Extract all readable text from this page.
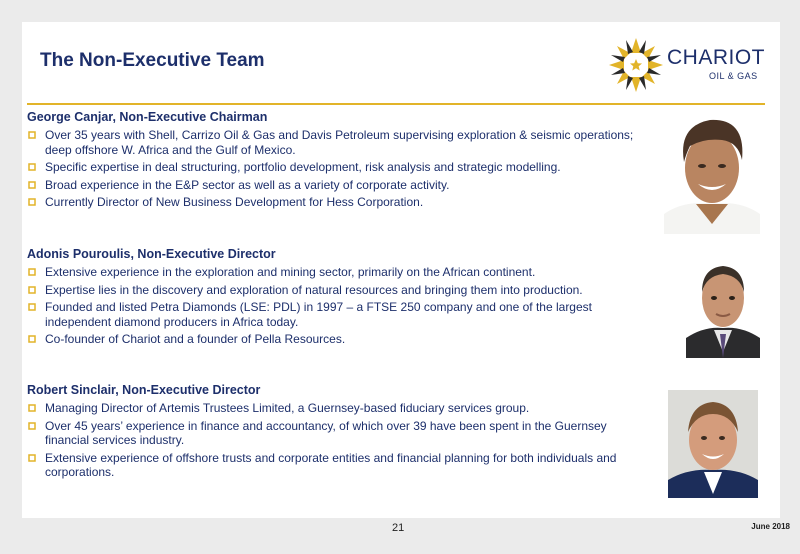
The Non-Executive Team	CHARIOT
OIL & GAS
George Canjar, Non-Executive Chairman
Over 35 years with Shell, Carrizo Oil & Gas and Davis Petroleum supervising exploration & seismic operations; deep offshore W. Africa and the Gulf of Mexico.
Specific expertise in deal structuring, portfolio development, risk analysis and strategic modelling.
Broad experience in the E&P sector as well as a variety of corporate activity.
Currently Director of New Business Development for Hess Corporation.
Adonis Pouroulis, Non-Executive Director
Extensive experience in the exploration and mining sector, primarily on the African continent.
Expertise lies in the discovery and exploration of natural resources and bringing them into production.
Founded and listed Petra Diamonds (LSE: PDL) in 1997 – a FTSE 250 company and one of the largest independent diamond producers in Africa today.
Co-founder of Chariot and a founder of Pella Resources.
Robert Sinclair, Non-Executive Director
Managing Director of Artemis Trustees Limited, a Guernsey-based fiduciary services group.
Over 45 years’ experience in finance and accountancy, of which over 39 have been spent in the Guernsey financial services industry.
Extensive experience of offshore trusts and corporate entities and financial planning for both individuals and corporations.
21	June 2018
